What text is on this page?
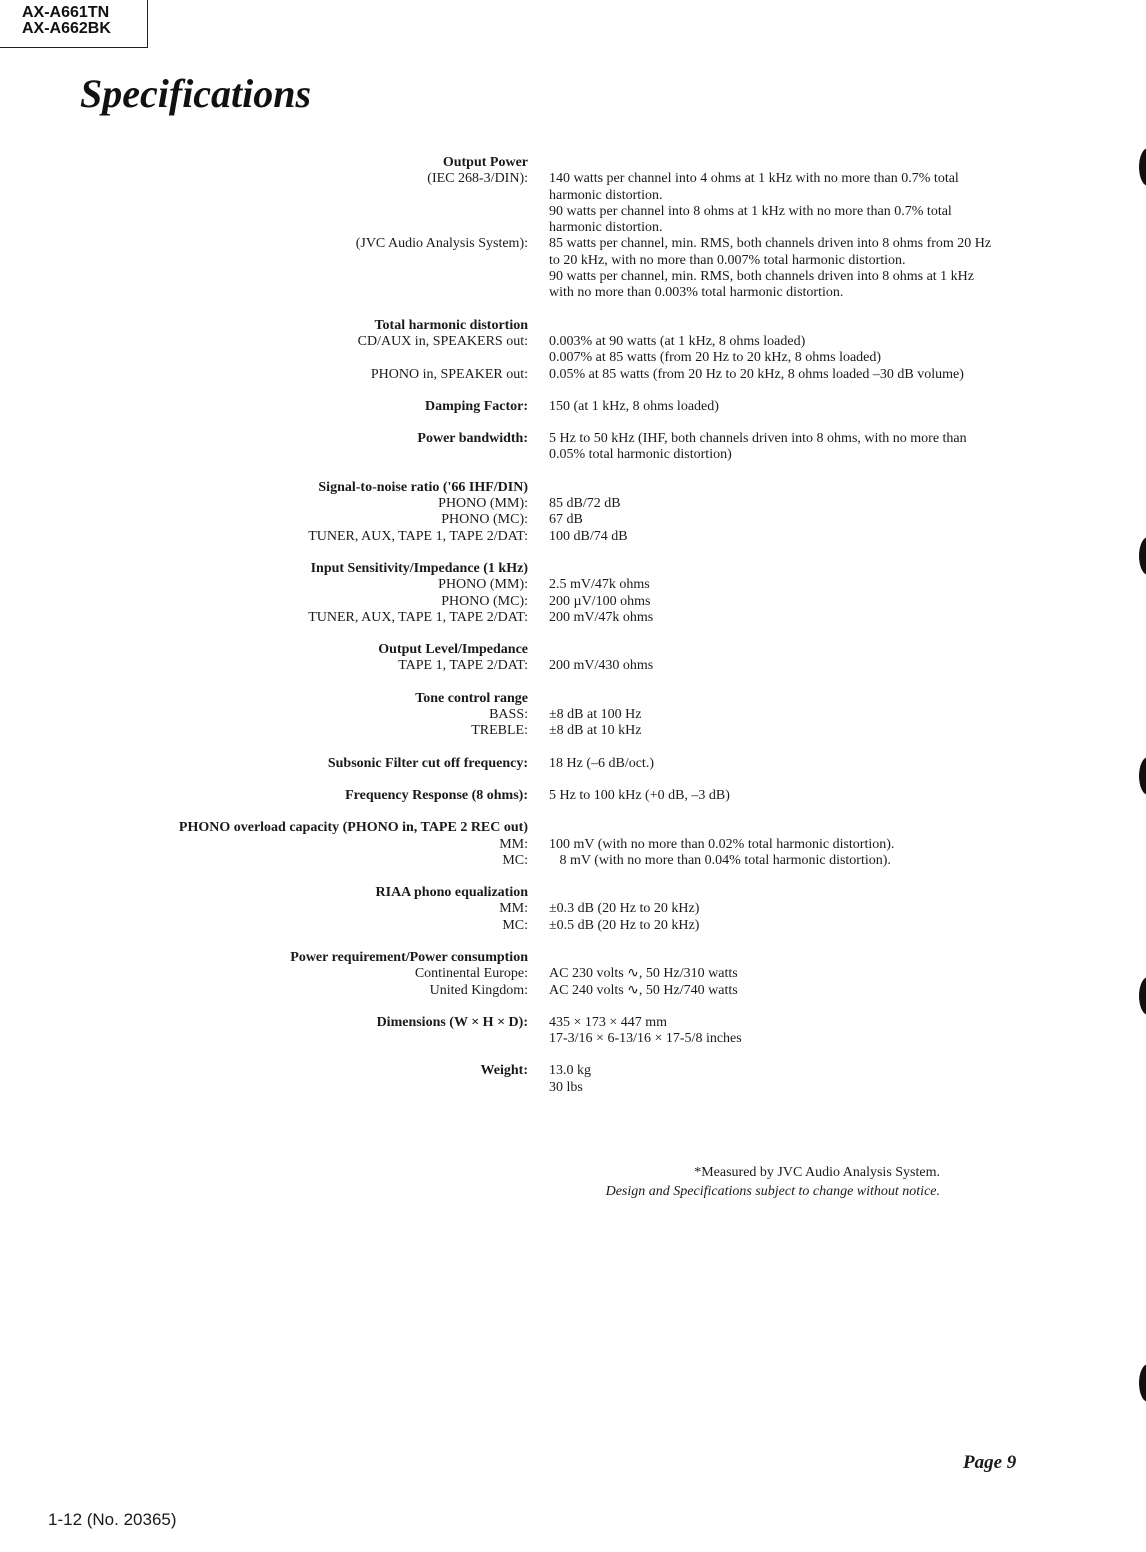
AX-A661TN
AX-A662BK
Specifications
Output Power
(IEC 268-3/DIN): 140 watts per channel into 4 ohms at 1 kHz with no more than 0.7% total
harmonic distortion.
90 watts per channel into 8 ohms at 1 kHz with no more than 0.7% total
harmonic distortion.
(JVC Audio Analysis System): 85 watts per channel, min. RMS, both channels driven into 8 ohms from 20 Hz
to 20 kHz, with no more than 0.007% total harmonic distortion.
90 watts per channel, min. RMS, both channels driven into 8 ohms at 1 kHz
with no more than 0.003% total harmonic distortion.
Total harmonic distortion
CD/AUX in, SPEAKERS out: 0.003% at 90 watts (at 1 kHz, 8 ohms loaded)
0.007% at 85 watts (from 20 Hz to 20 kHz, 8 ohms loaded)
PHONO in, SPEAKER out: 0.05% at 85 watts (from 20 Hz to 20 kHz, 8 ohms loaded –30 dB volume)
Damping Factor: 150 (at 1 kHz, 8 ohms loaded)
Power bandwidth: 5 Hz to 50 kHz (IHF, both channels driven into 8 ohms, with no more than
0.05% total harmonic distortion)
Signal-to-noise ratio ('66 IHF/DIN)
PHONO (MM): 85 dB/72 dB
PHONO (MC): 67 dB
TUNER, AUX, TAPE 1, TAPE 2/DAT: 100 dB/74 dB
Input Sensitivity/Impedance (1 kHz)
PHONO (MM): 2.5 mV/47k ohms
PHONO (MC): 200 µV/100 ohms
TUNER, AUX, TAPE 1, TAPE 2/DAT: 200 mV/47k ohms
Output Level/Impedance
TAPE 1, TAPE 2/DAT: 200 mV/430 ohms
Tone control range
BASS: ±8 dB at 100 Hz
TREBLE: ±8 dB at 10 kHz
Subsonic Filter cut off frequency: 18 Hz (–6 dB/oct.)
Frequency Response (8 ohms): 5 Hz to 100 kHz (+0 dB, –3 dB)
PHONO overload capacity (PHONO in, TAPE 2 REC out)
MM: 100 mV (with no more than 0.02% total harmonic distortion).
MC: 8 mV (with no more than 0.04% total harmonic distortion).
RIAA phono equalization
MM: ±0.3 dB (20 Hz to 20 kHz)
MC: ±0.5 dB (20 Hz to 20 kHz)
Power requirement/Power consumption
Continental Europe: AC 230 volts ∿, 50 Hz/310 watts
United Kingdom: AC 240 volts ∿, 50 Hz/740 watts
Dimensions (W × H × D): 435 × 173 × 447 mm
17-3/16 × 6-13/16 × 17-5/8 inches
Weight: 13.0 kg
30 lbs
*Measured by JVC Audio Analysis System.
Design and Specifications subject to change without notice.
Page 9
1-12 (No. 20365)
